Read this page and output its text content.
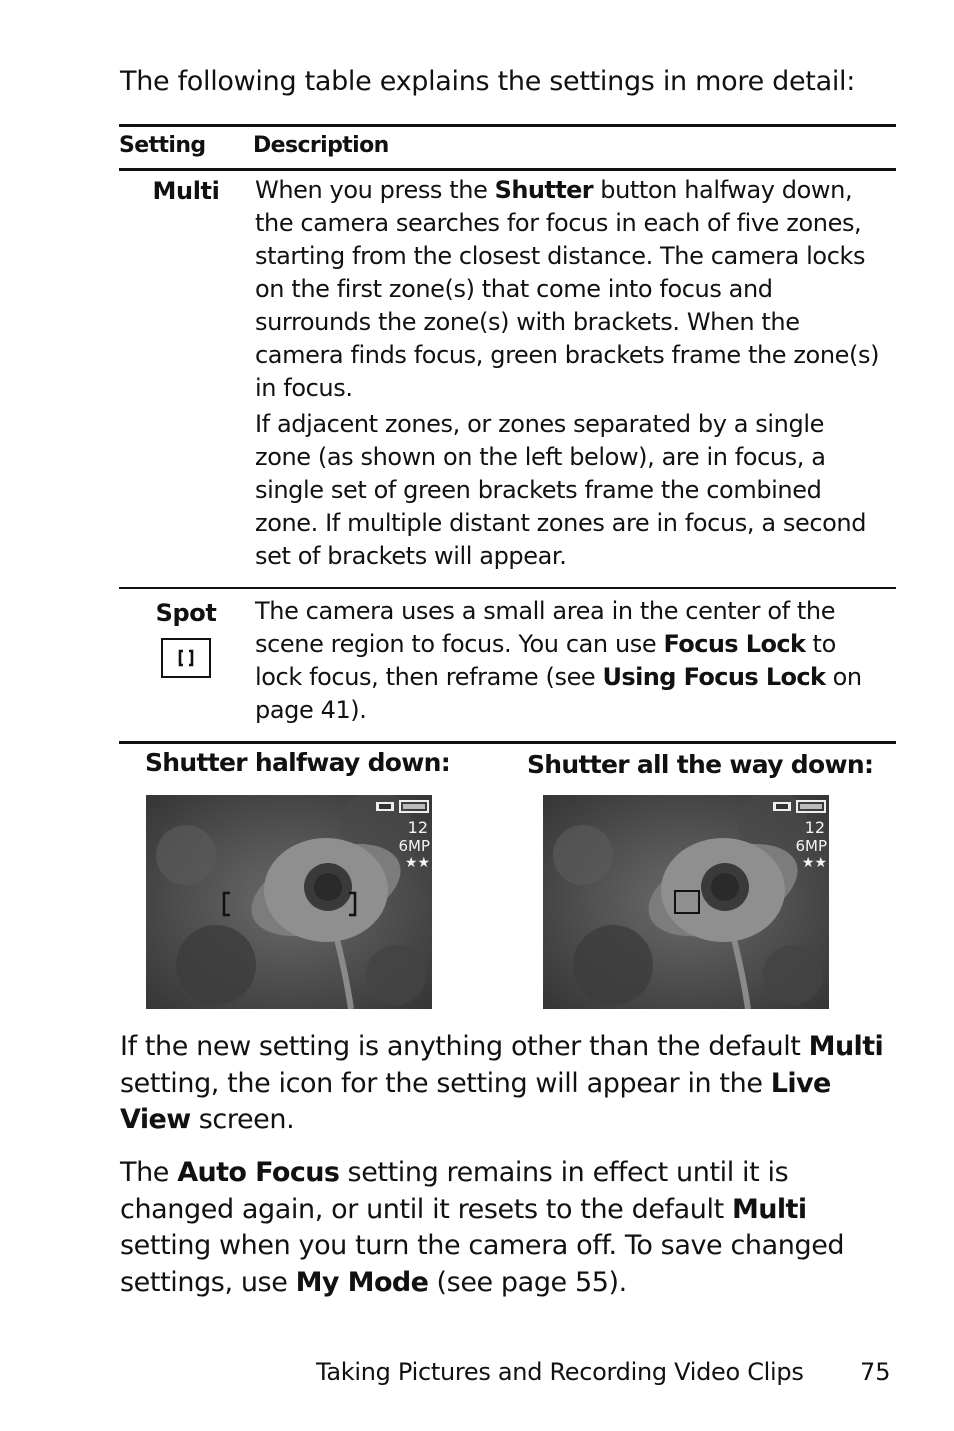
The following table explains the settings in more detail:
Setting	Description
Multi	When you press the Shutter button halfway down, the camera searches for focus in each of five zones, starting from the closest distance. The camera locks on the first zone(s) that come into focus and surrounds the zone(s) with brackets. When the camera finds focus, green brackets frame the zone(s) in focus.

If adjacent zones, or zones separated by a single zone (as shown on the left below), are in focus, a single set of green brackets frame the combined zone. If multiple distant zones are in focus, a second set of brackets will appear.

Spot	The camera uses a small area in the center of the scene region to focus. You can use Focus Lock to lock focus, then reframe (see Using Focus Lock on page 41).
Shutter halfway down:	Shutter all the way down:
12
6MP
★★
12
6MP
★★

If the new setting is anything other than the default Multi setting, the icon for the setting will appear in the Live View screen.

The Auto Focus setting remains in effect until it is changed again, or until it resets to the default Multi setting when you turn the camera off. To save changed settings, use My Mode (see page 55).

Taking Pictures and Recording Video Clips 75
